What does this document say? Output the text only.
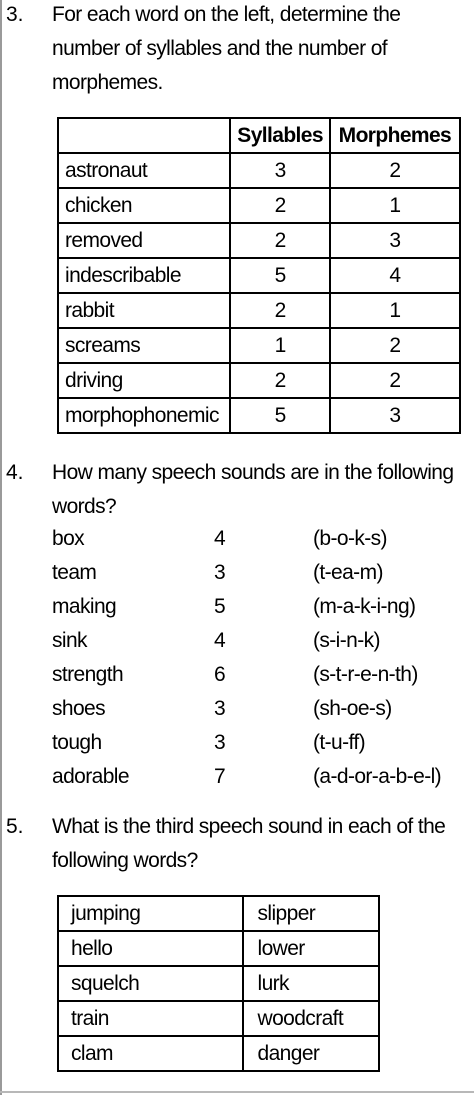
3. For each word on the left, determine the
number of syllables and the number of
morphemes.
	Syllables	Morphemes
astronaut	3	2
chicken	2	1
removed	2	3
indescribable	5	4
rabbit	2	1
screams	1	2
driving	2	2
morphophonemic	5	3
4. How many speech sounds are in the following
words?
box	4	(b-o-k-s)
team	3	(t-ea-m)
making	5	(m-a-k-i-ng)
sink	4	(s-i-n-k)
strength	6	(s-t-r-e-n-th)
shoes	3	(sh-oe-s)
tough	3	(t-u-ff)
adorable	7	(a-d-or-a-b-e-l)
5. What is the third speech sound in each of the
following words?
jumping	slipper
hello	lower
squelch	lurk
train	woodcraft
clam	danger
